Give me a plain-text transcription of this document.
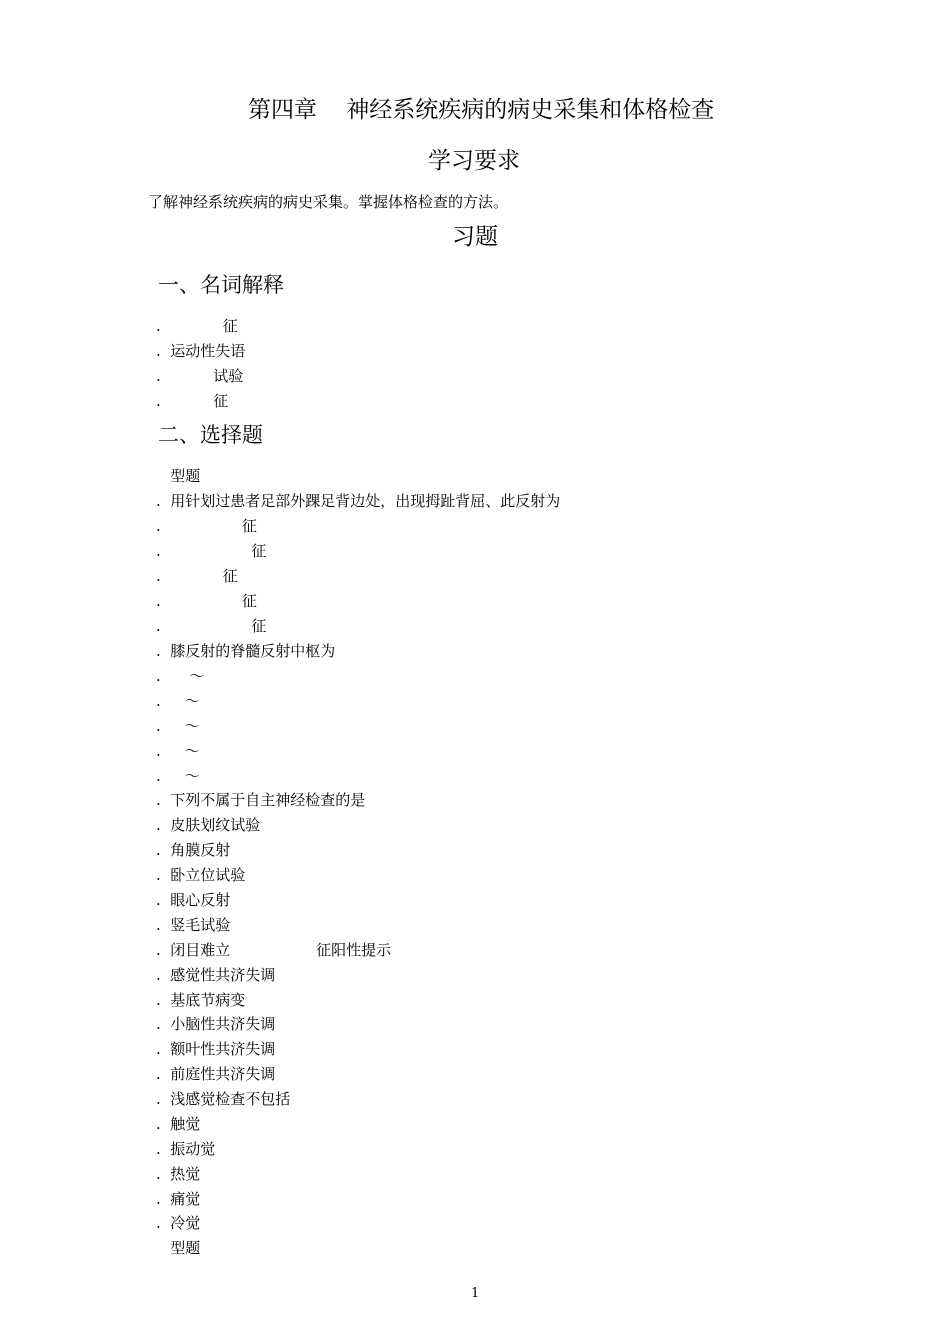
第四章    神经系统疾病的病史采集和体格检查
学习要求
了解神经系统疾病的病史采集。掌握体格检查的方法。
习题
一、名词解释
.             征
.  运动性失语
.           试验
.           征
二、选择题
型题
.  用针划过患者足部外踝足背边处，出现拇趾背屈、此反射为
.                 征
.                   征
.             征
.                 征
.                   征
.  膝反射的脊髓反射中枢为
.      ～
.     ～
.     ～
.     ～
.     ～
.  下列不属于自主神经检查的是
.  皮肤划纹试验
.  角膜反射
.  卧立位试验
.  眼心反射
.  竖毛试验
.  闭目难立                  征阳性提示
.  感觉性共济失调
.  基底节病变
.  小脑性共济失调
.  额叶性共济失调
.  前庭性共济失调
.  浅感觉检查不包括
.  触觉
.  振动觉
.  热觉
.  痛觉
.  冷觉
型题
1
